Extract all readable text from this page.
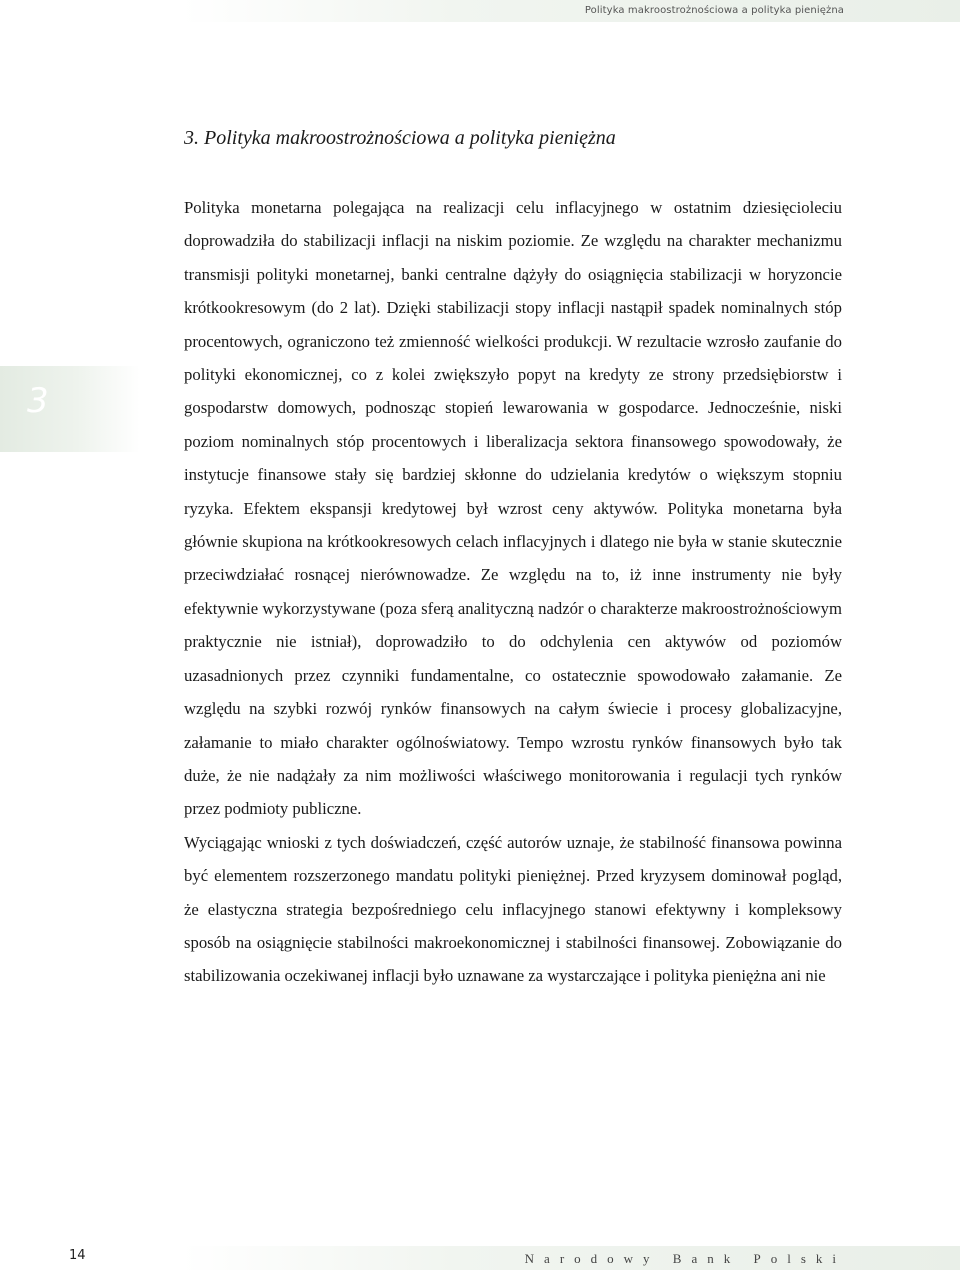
Polityka makroostrożnościowa a polityka pieniężna
3
3. Polityka makroostrożnościowa a polityka pieniężna

Polityka monetarna polegająca na realizacji celu inflacyjnego w ostatnim dziesięcioleciu doprowadziła do stabilizacji inflacji na niskim poziomie. Ze względu na charakter mechanizmu transmisji polityki monetarnej, banki centralne dążyły do osiągnięcia stabilizacji w horyzoncie krótkookresowym (do 2 lat). Dzięki stabilizacji stopy inflacji nastąpił spadek nominalnych stóp procentowych, ograniczono też zmienność wielkości produkcji. W rezultacie wzrosło zaufanie do polityki ekonomicznej, co z kolei zwiększyło popyt na kredyty ze strony przedsiębiorstw i gospodarstw domowych, podnosząc stopień lewarowania w gospodarce. Jednocześnie, niski poziom nominalnych stóp procentowych i liberalizacja sektora finansowego spowodowały, że instytucje finansowe stały się bardziej skłonne do udzielania kredytów o większym stopniu ryzyka. Efektem ekspansji kredytowej był wzrost ceny aktywów. Polityka monetarna była głównie skupiona na krótkookresowych celach inflacyjnych i dlatego nie była w stanie skutecznie przeciwdziałać rosnącej nierównowadze. Ze względu na to, iż inne instrumenty nie były efektywnie wykorzystywane (poza sferą analityczną nadzór o charakterze makroostrożnościowym praktycznie nie istniał), doprowadziło to do odchylenia cen aktywów od poziomów uzasadnionych przez czynniki fundamentalne, co ostatecznie spowodowało załamanie. Ze względu na szybki rozwój rynków finansowych na całym świecie i procesy globalizacyjne, załamanie to miało charakter ogólnoświatowy. Tempo wzrostu rynków finansowych było tak duże, że nie nadążały za nim możliwości właściwego monitorowania i regulacji tych rynków przez podmioty publiczne.

Wyciągając wnioski z tych doświadczeń, część autorów uznaje, że stabilność finansowa powinna być elementem rozszerzonego mandatu polityki pieniężnej. Przed kryzysem dominował pogląd, że elastyczna strategia bezpośredniego celu inflacyjnego stanowi efektywny i kompleksowy sposób na osiągnięcie stabilności makroekonomicznej i stabilności finansowej. Zobowiązanie do stabilizowania oczekiwanej inflacji było uznawane za wystarczające i polityka pieniężna ani nie

14	Narodowy Bank Polski
